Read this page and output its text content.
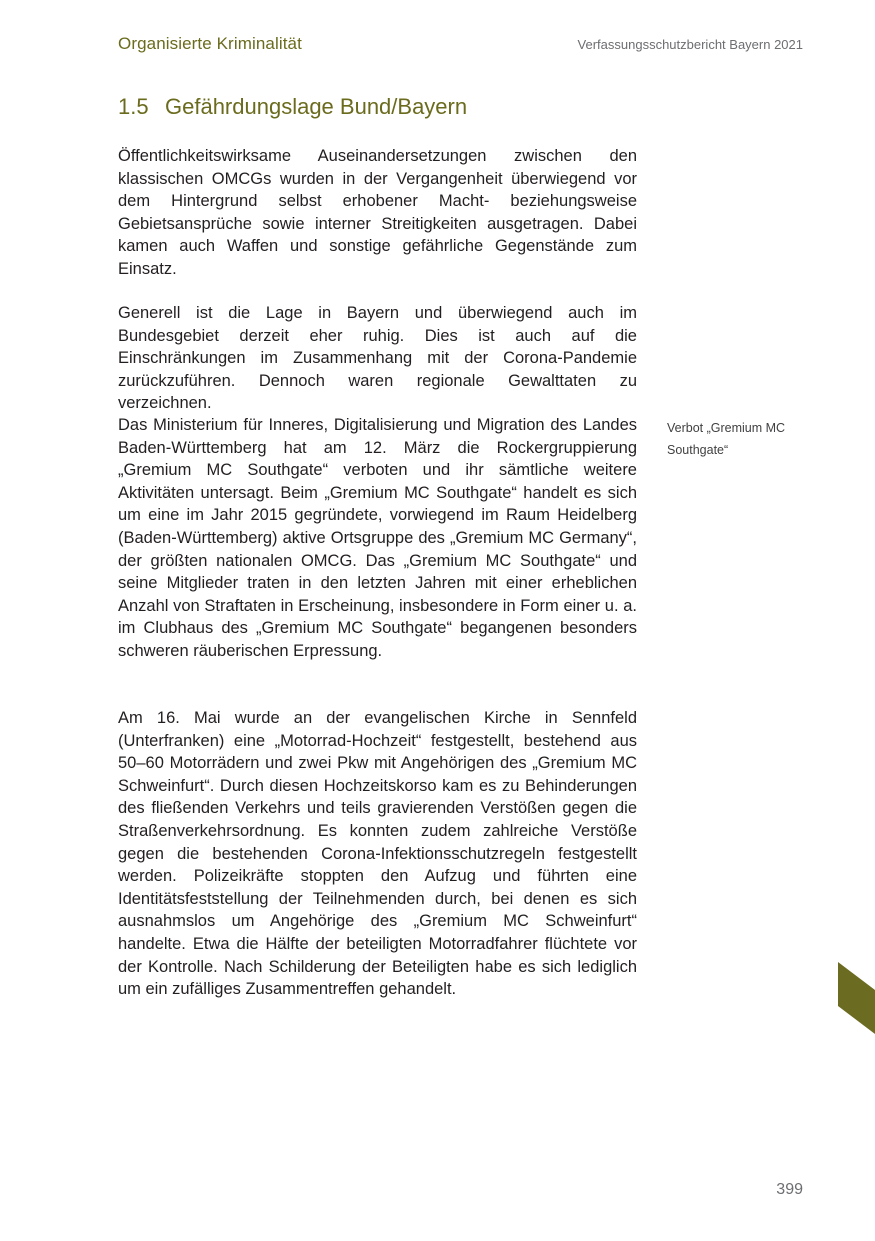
Organisierte Kriminalität	Verfassungsschutzbericht Bayern 2021
1.5 Gefährdungslage Bund/Bayern

Öffentlichkeitswirksame Auseinandersetzungen zwischen den klassischen OMCGs wurden in der Vergangenheit überwiegend vor dem Hintergrund selbst erhobener Macht- beziehungsweise Gebietsansprüche sowie interner Streitigkeiten ausgetragen. Dabei kamen auch Waffen und sonstige gefährliche Gegenstände zum Einsatz.

Generell ist die Lage in Bayern und überwiegend auch im Bundesgebiet derzeit eher ruhig. Dies ist auch auf die Einschränkungen im Zusammenhang mit der Corona-Pandemie zurückzuführen. Dennoch waren regionale Gewalttaten zu verzeichnen.

Das Ministerium für Inneres, Digitalisierung und Migration des Landes Baden-Württemberg hat am 12. März die Rockergruppierung „Gremium MC Southgate“ verboten und ihr sämtliche weitere Aktivitäten untersagt. Beim „Gremium MC Southgate“ handelt es sich um eine im Jahr 2015 gegründete, vorwiegend im Raum Heidelberg (Baden-Württemberg) aktive Ortsgruppe des „Gremium MC Germany“, der größten nationalen OMCG. Das „Gremium MC Southgate“ und seine Mitglieder traten in den letzten Jahren mit einer erheblichen Anzahl von Straftaten in Erscheinung, insbesondere in Form einer u. a. im Clubhaus des „Gremium MC Southgate“ begangenen besonders schweren räuberischen Erpressung.

Am 16. Mai wurde an der evangelischen Kirche in Sennfeld (Unterfranken) eine „Motorrad-Hochzeit“ festgestellt, bestehend aus 50–60 Motorrädern und zwei Pkw mit Angehörigen des „Gremium MC Schweinfurt“. Durch diesen Hochzeitskorso kam es zu Behinderungen des fließenden Verkehrs und teils gravierenden Verstößen gegen die Straßenverkehrsordnung. Es konnten zudem zahlreiche Verstöße gegen die bestehenden Corona-Infektionsschutzregeln festgestellt werden. Polizeikräfte stoppten den Aufzug und führten eine Identitätsfeststellung der Teilnehmenden durch, bei denen es sich ausnahmslos um Angehörige des „Gremium MC Schweinfurt“ handelte. Etwa die Hälfte der beteiligten Motorradfahrer flüchtete vor der Kontrolle. Nach Schilderung der Beteiligten habe es sich lediglich um ein zufälliges Zusammentreffen gehandelt.

Verbot „Gremium MC Southgate“

399
